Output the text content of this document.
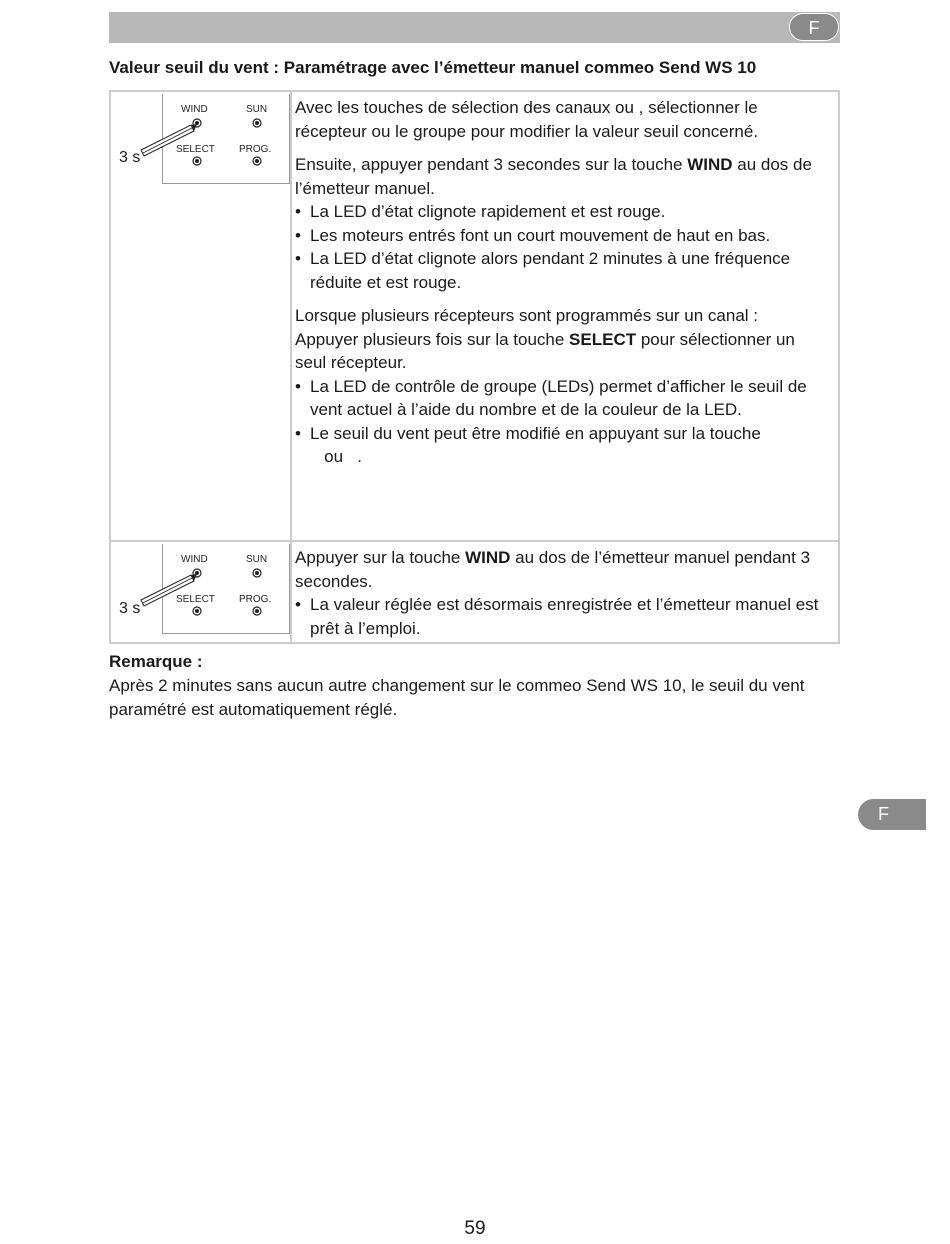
F
Valeur seuil du vent : Paramétrage avec l’émetteur manuel commeo Send WS 10
WIND	SUN
SELECT PROG.
3 s

Avec les touches de sélection des canaux ou , sélectionner le récepteur ou le groupe pour modifier la valeur seuil concerné.

Ensuite, appuyer pendant 3 secondes sur la touche WIND au dos de l’émetteur manuel.

• La LED d’état clignote rapidement et est rouge.
• Les moteurs entrés font un court mouvement de haut en bas.
• La LED d’état clignote alors pendant 2 minutes à une fréquence réduite et est rouge.

Lorsque plusieurs récepteurs sont programmés sur un canal :

Appuyer plusieurs fois sur la touche SELECT pour sélectionner un seul récepteur.

• La LED de contrôle de groupe (LEDs) permet d’afficher le seuil de vent actuel à l’aide du nombre et de la couleur de la LED.
• Le seuil du vent peut être modifié en appuyant sur la touche
ou   .
WIND	SUN
SELECT PROG.
3 s

Appuyer sur la touche WIND au dos de l’émetteur manuel pendant 3 secondes.

• La valeur réglée est désormais enregistrée et l’émetteur manuel est prêt à l’emploi.
Remarque :
Après 2 minutes sans aucun autre changement sur le commeo Send WS 10, le seuil du vent paramétré est automatiquement réglé.
F
59
